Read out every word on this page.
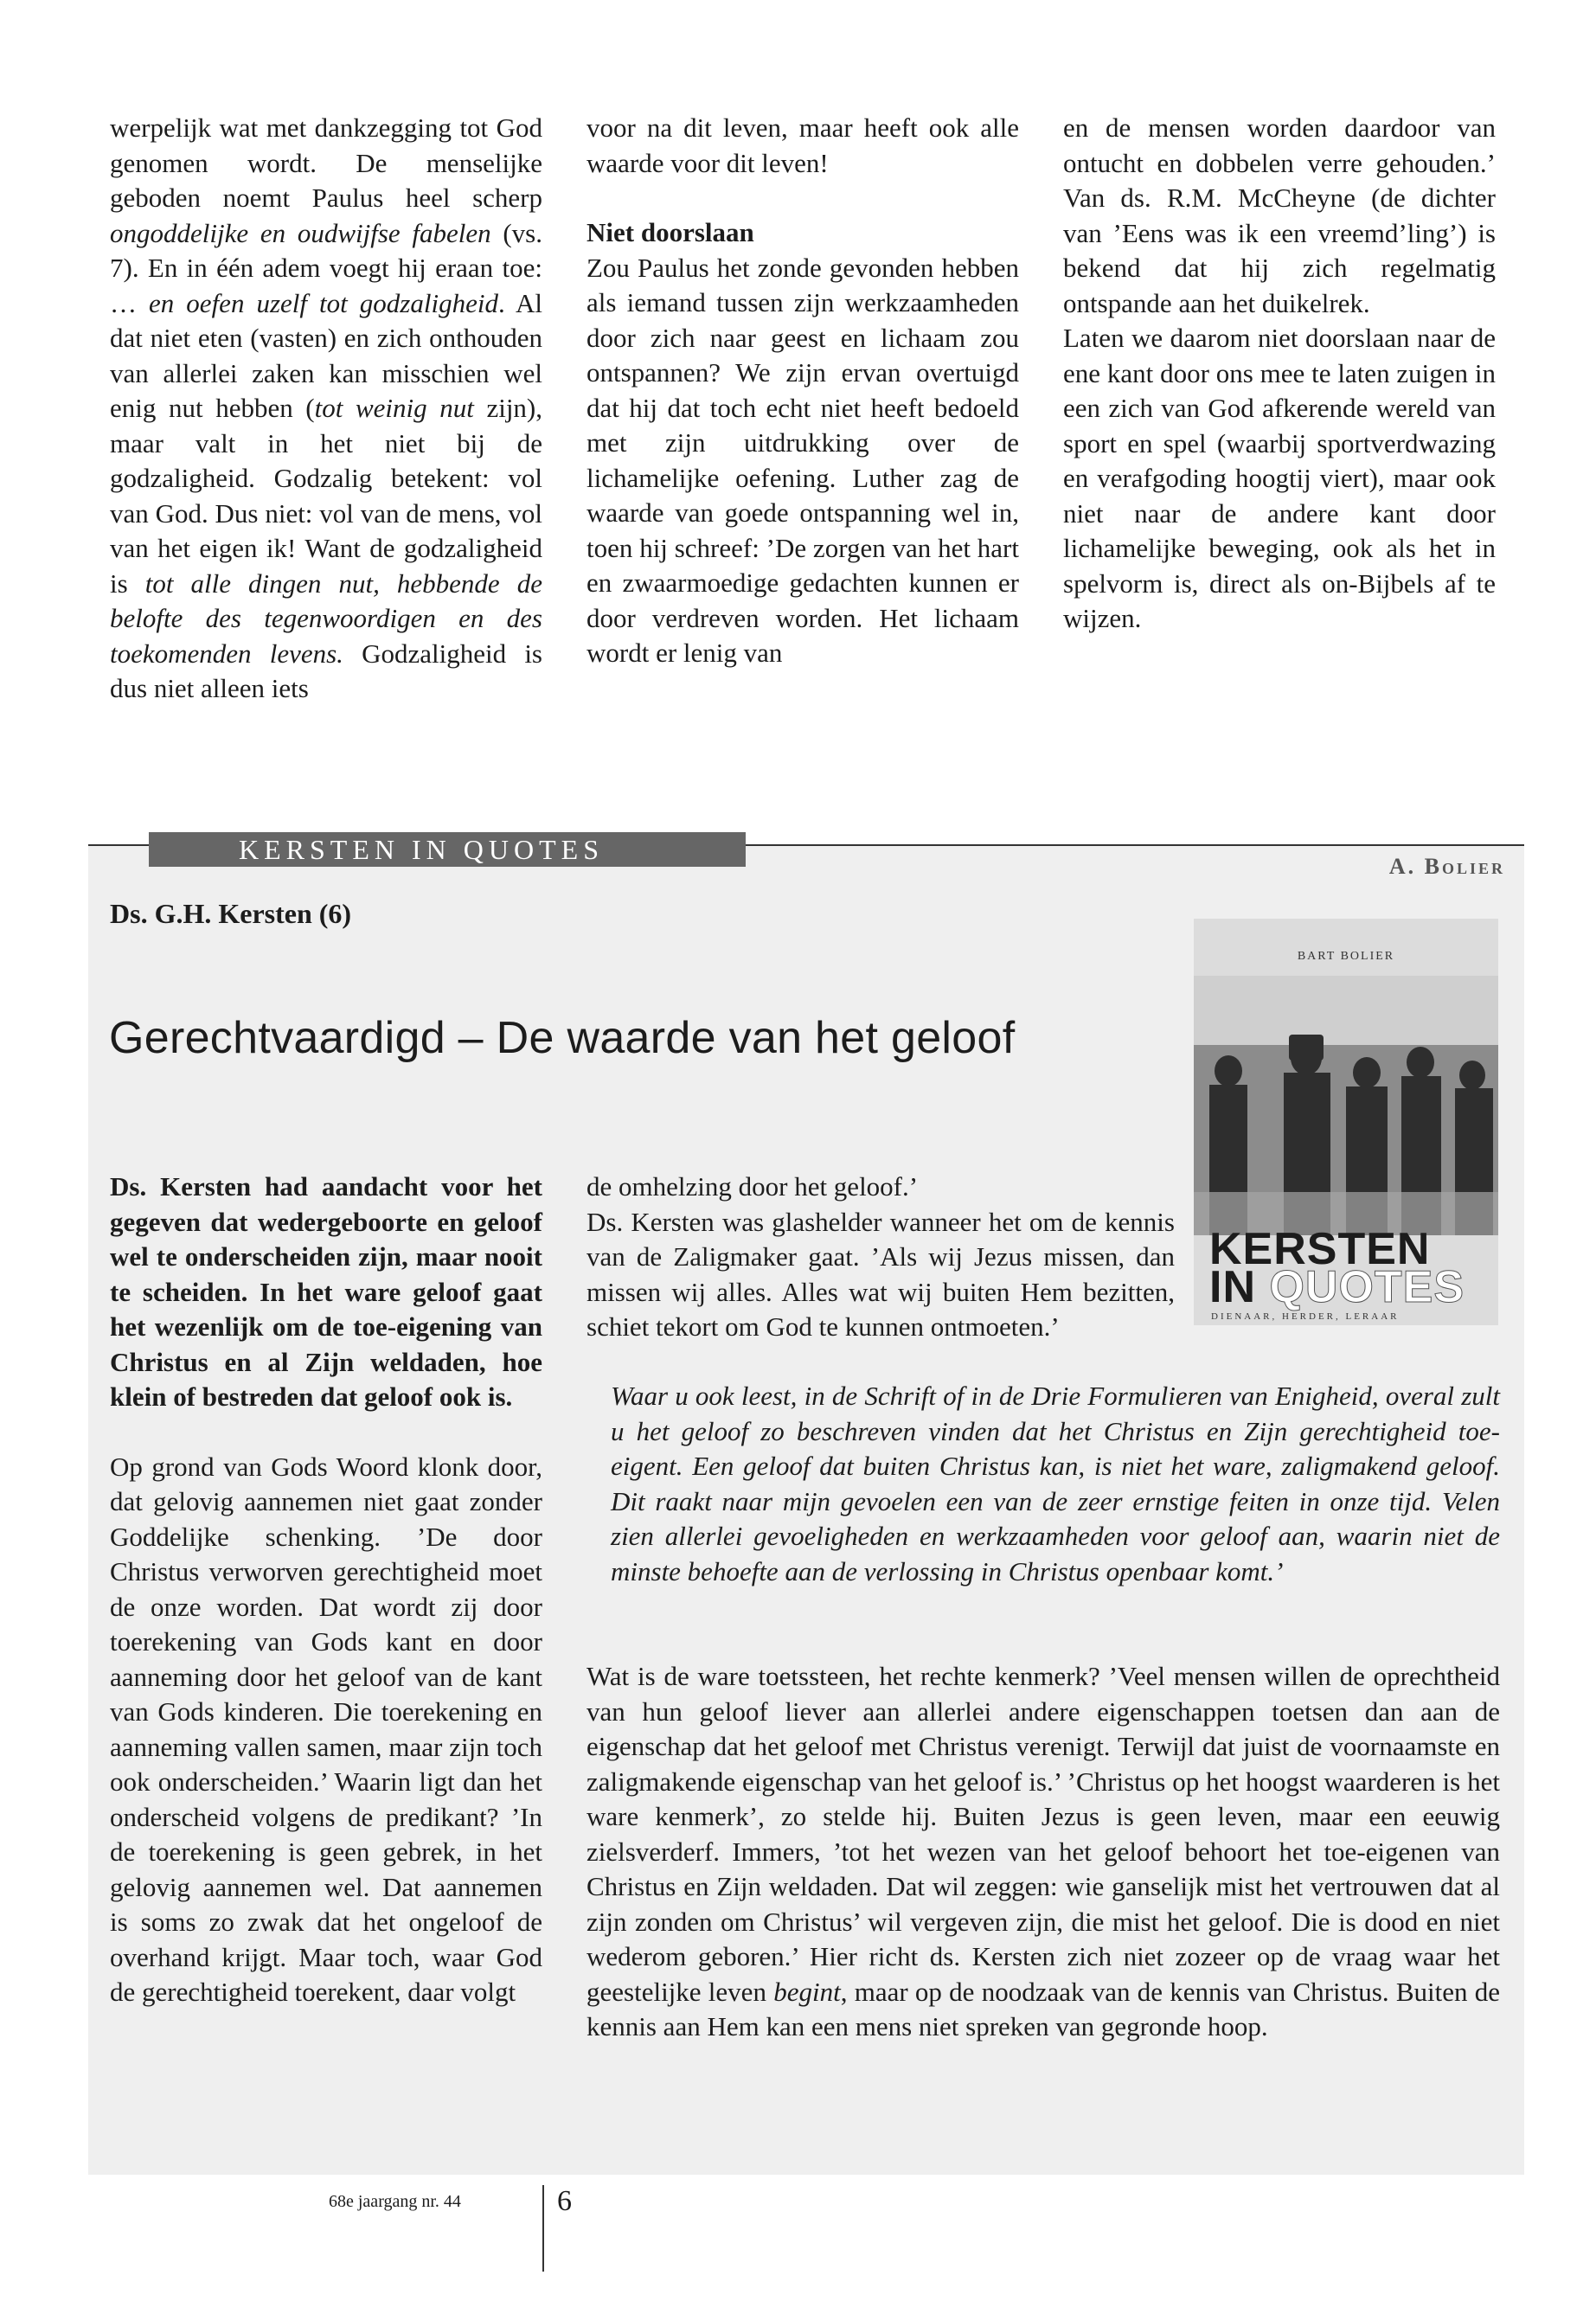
werpelijk wat met dankzegging tot God genomen wordt. De menselijke geboden noemt Paulus heel scherp ongoddelijke en oudwijfse fabelen (vs. 7). En in één adem voegt hij eraan toe: … en oefen uzelf tot godzaligheid. Al dat niet eten (vasten) en zich onthouden van allerlei zaken kan misschien wel enig nut hebben (tot weinig nut zijn), maar valt in het niet bij de godzaligheid. Godzalig betekent: vol van God. Dus niet: vol van de mens, vol van het eigen ik! Want de godzaligheid is tot alle dingen nut, hebbende de belofte des tegenwoordigen en des toekomenden levens. Godzaligheid is dus niet alleen iets

voor na dit leven, maar heeft ook alle waarde voor dit leven!

Niet doorslaan

Zou Paulus het zonde gevonden hebben als iemand tussen zijn werkzaamheden door zich naar geest en lichaam zou ontspannen? We zijn ervan overtuigd dat hij dat toch echt niet heeft bedoeld met zijn uitdrukking over de lichamelijke oefening. Luther zag de waarde van goede ontspanning wel in, toen hij schreef: ’De zorgen van het hart en zwaarmoedige gedachten kunnen er door verdreven worden. Het lichaam wordt er lenig van

en de mensen worden daardoor van ontucht en dobbelen verre gehouden.’ Van ds. R.M. McCheyne (de dichter van ’Eens was ik een vreemd’ling’) is bekend dat hij zich regelmatig ontspande aan het duikelrek.

Laten we daarom niet doorslaan naar de ene kant door ons mee te laten zuigen in een zich van God afkerende wereld van sport en spel (waarbij sportverdwazing en verafgoding hoogtij viert), maar ook niet naar de andere kant door lichamelijke beweging, ook als het in spelvorm is, direct als on-Bijbels af te wijzen.

KERSTEN IN QUOTES
A. Bolier
Ds. G.H. Kersten (6)
Gerechtvaardigd – De waarde van het geloof
BART BOLIER
KERSTEN
IN QUOTES
DIENAAR, HERDER, LERAAR

Ds. Kersten had aandacht voor het gegeven dat wedergeboorte en geloof wel te onderscheiden zijn, maar nooit te scheiden. In het ware geloof gaat het wezenlijk om de toe-eigening van Christus en al Zijn weldaden, hoe klein of bestreden dat geloof ook is.

Op grond van Gods Woord klonk door, dat gelovig aannemen niet gaat zonder Goddelijke schenking. ’De door Christus verworven gerechtigheid moet de onze worden. Dat wordt zij door toerekening van Gods kant en door aanneming door het geloof van de kant van Gods kinderen. Die toerekening en aanneming vallen samen, maar zijn toch ook onderscheiden.’ Waarin ligt dan het onderscheid volgens de predikant? ’In de toerekening is geen gebrek, in het gelovig aannemen wel. Dat aannemen is soms zo zwak dat het ongeloof de overhand krijgt. Maar toch, waar God de gerechtigheid toerekent, daar volgt

de omhelzing door het geloof.’

Ds. Kersten was glashelder wanneer het om de kennis van de Zaligmaker gaat. ’Als wij Jezus missen, dan missen wij alles. Alles wat wij buiten Hem bezitten, schiet tekort om God te kunnen ontmoeten.’

Waar u ook leest, in de Schrift of in de Drie Formulieren van Enigheid, overal zult u het geloof zo beschreven vinden dat het Christus en Zijn gerechtigheid toe-eigent. Een geloof dat buiten Christus kan, is niet het ware, zaligmakend geloof. Dit raakt naar mijn gevoelen een van de zeer ernstige feiten in onze tijd. Velen zien allerlei gevoeligheden en werkzaamheden voor geloof aan, waarin niet de minste behoefte aan de verlossing in Christus openbaar komt.’

Wat is de ware toetssteen, het rechte kenmerk? ’Veel mensen willen de oprechtheid van hun geloof liever aan allerlei andere eigenschappen toetsen dan aan de eigenschap dat het geloof met Christus verenigt. Terwijl dat juist de voornaamste en zaligmakende eigenschap van het geloof is.’ ’Christus op het hoogst waarderen is het ware kenmerk’, zo stelde hij. Buiten Jezus is geen leven, maar een eeuwig zielsverderf. Immers, ’tot het wezen van het geloof behoort het toe-eigenen van Christus en Zijn weldaden. Dat wil zeggen: wie ganselijk mist het vertrouwen dat al zijn zonden om Christus’ wil vergeven zijn, die mist het geloof. Die is dood en niet wederom geboren.’ Hier richt ds. Kersten zich niet zozeer op de vraag waar het geestelijke leven begint, maar op de noodzaak van de kennis van Christus. Buiten de kennis aan Hem kan een mens niet spreken van gegronde hoop.

68e jaargang nr. 44	6
